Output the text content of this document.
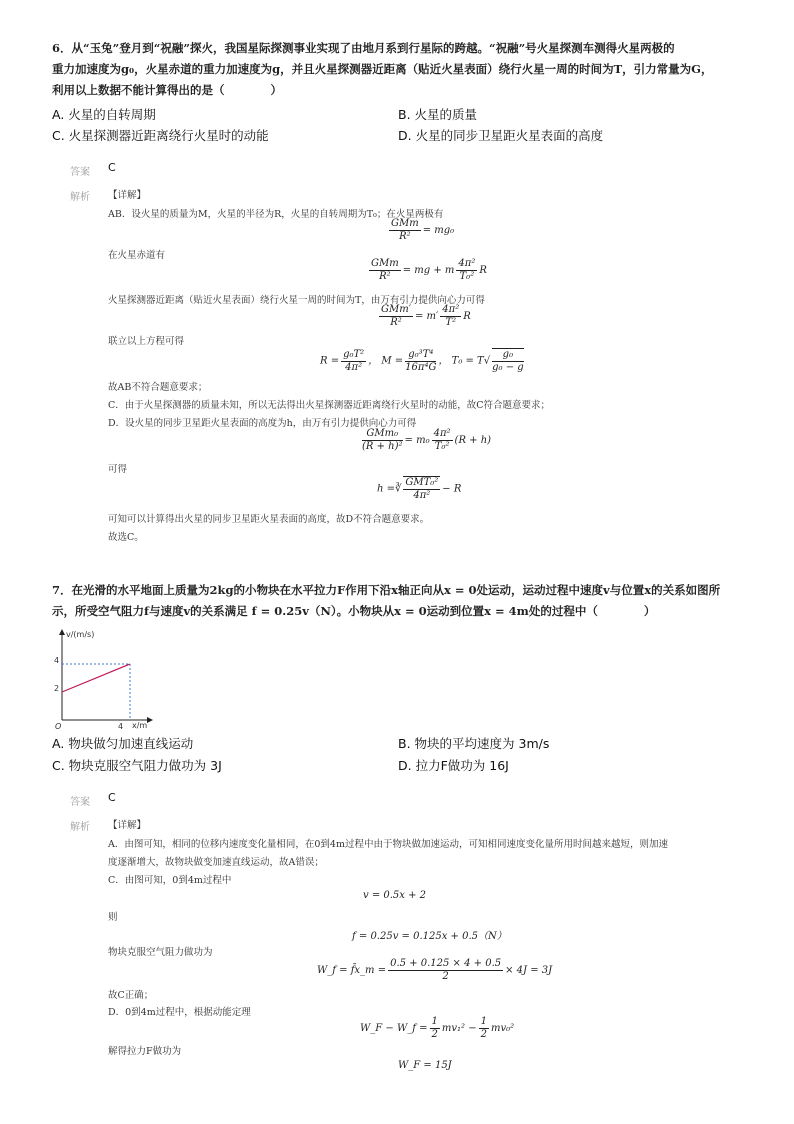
6．从“玉兔”登月到“祝融”探火，我国星际探测事业实现了由地月系到行星际的跨越。“祝融”号火星探测车测得火星两极的
重力加速度为g₀，火星赤道的重力加速度为g，并且火星探测器近距离（贴近火星表面）绕行火星一周的时间为T，引力常量为G，
利用以上数据不能计算得出的是（　　　　）
A. 火星的自转周期	B. 火星的质量
C. 火星探测器近距离绕行火星时的动能	D. 火星的同步卫星距火星表面的高度
答案 C
解析 【详解】
AB．设火星的质量为M，火星的半径为R，火星的自转周期为T₀；在火星两极有
$\frac{\text{GMm}}{\text{R²}} = mg_0$
在火星赤道有
$\frac{\text{GMm}}{\text{R²}}$ = mg + m $\frac{\text{4π²}}{\text{T₀²}}$ R
火星探测器近距离（贴近火星表面）绕行火星一周的时间为T，由万有引力提供向心力可得
$\frac{\text{GMm′}}{\text{R²}} = m' \frac{\text{4π²}}{\text{T²}}$ R
联立以上方程可得
$R = \frac{\text{g₀T²}}{\text{4π²}}$ ， $M = \frac{\text{g₀³T⁴}}{\text{16π⁴G}}$ ， $T_0 = T√ \frac{\text{g₀}}{\text{g₀ − g}}$
故AB不符合题意要求；
C．由于火星探测器的质量未知，所以无法得出火星探测器近距离绕行火星时的动能，故C符合题意要求；
D．设火星的同步卫星距火星表面的高度为h，由万有引力提供向心力可得
$\frac{\text{GMm₀}}{\text{(R + h)²}} = m_0 \frac{\text{4π²}}{\text{T₀²}} (R + h)$
可得
h =∛ $\frac{\text{GMT₀²}}{\text{4π²}} - R$
可知可以计算得出火星的同步卫星距火星表面的高度，故D不符合题意要求。
故选C。
7．在光滑的水平地面上质量为2kg的小物块在水平拉力F作用下沿x轴正向从x = 0处运动，运动过程中速度v与位置x的关系如图所
示，所受空气阻力f与速度v的关系满足 f = 0.25v（N）。小物块从x = 0运动到位置x = 4m处的过程中（　　　　）
v/(m/s)
x/m
O
4
2
4
A. 物块做匀加速直线运动	B. 物块的平均速度为 3m/s
C. 物块克服空气阻力做功为 3J	D. 拉力F做功为 16J
答案 C
解析 【详解】
A．由图可知，相同的位移内速度变化量相同，在0到4m过程中由于物块做加速运动，可知相同速度变化量所用时间越来越短，则加速
度逐渐增大，故物块做变加速直线运动，故A错误；
C．由图可知，0到4m过程中
v = 0.5x + 2
则
f = 0.25v = 0.125x + 0.5（N）
物块克服空气阻力做功为
W_f = f̄x_m = $\frac{0.5 + 0.125 \times 4 + 0.5}{2} \times 4J = 3J$
故C正确；
D．0到4m过程中，根据动能定理
W_F − W_f = $\frac{1}{2} mv_1^2 - \frac{1}{2} mv_0^2$
解得拉力F做功为
W_F = 15J
